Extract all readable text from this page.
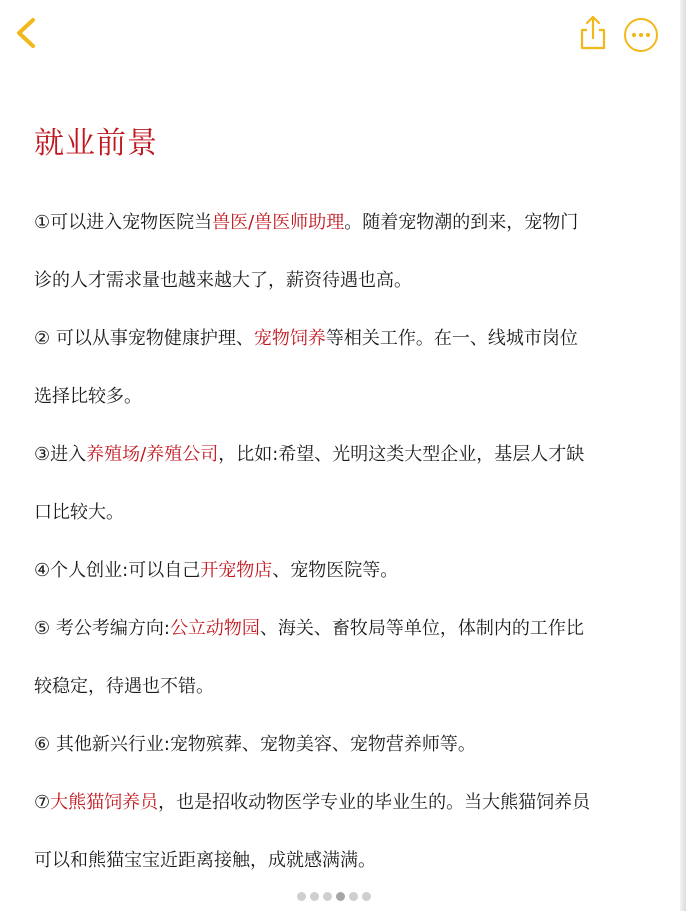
就业前景

①可以进入宠物医院当兽医/兽医师助理。随着宠物潮的到来，宠物门

诊的人才需求量也越来越大了，薪资待遇也高。

② 可以从事宠物健康护理、宠物饲养等相关工作。在一、线城市岗位

选择比较多。

③进入养殖场/养殖公司，比如:希望、光明这类大型企业，基层人才缺

口比较大。

④个人创业:可以自己开宠物店、宠物医院等。

⑤ 考公考编方向:公立动物园、海关、畜牧局等单位，体制内的工作比

较稳定，待遇也不错。

⑥ 其他新兴行业:宠物殡葬、宠物美容、宠物营养师等。

⑦大熊猫饲养员，也是招收动物医学专业的毕业生的。当大熊猫饲养员

可以和熊猫宝宝近距离接触，成就感满满。
